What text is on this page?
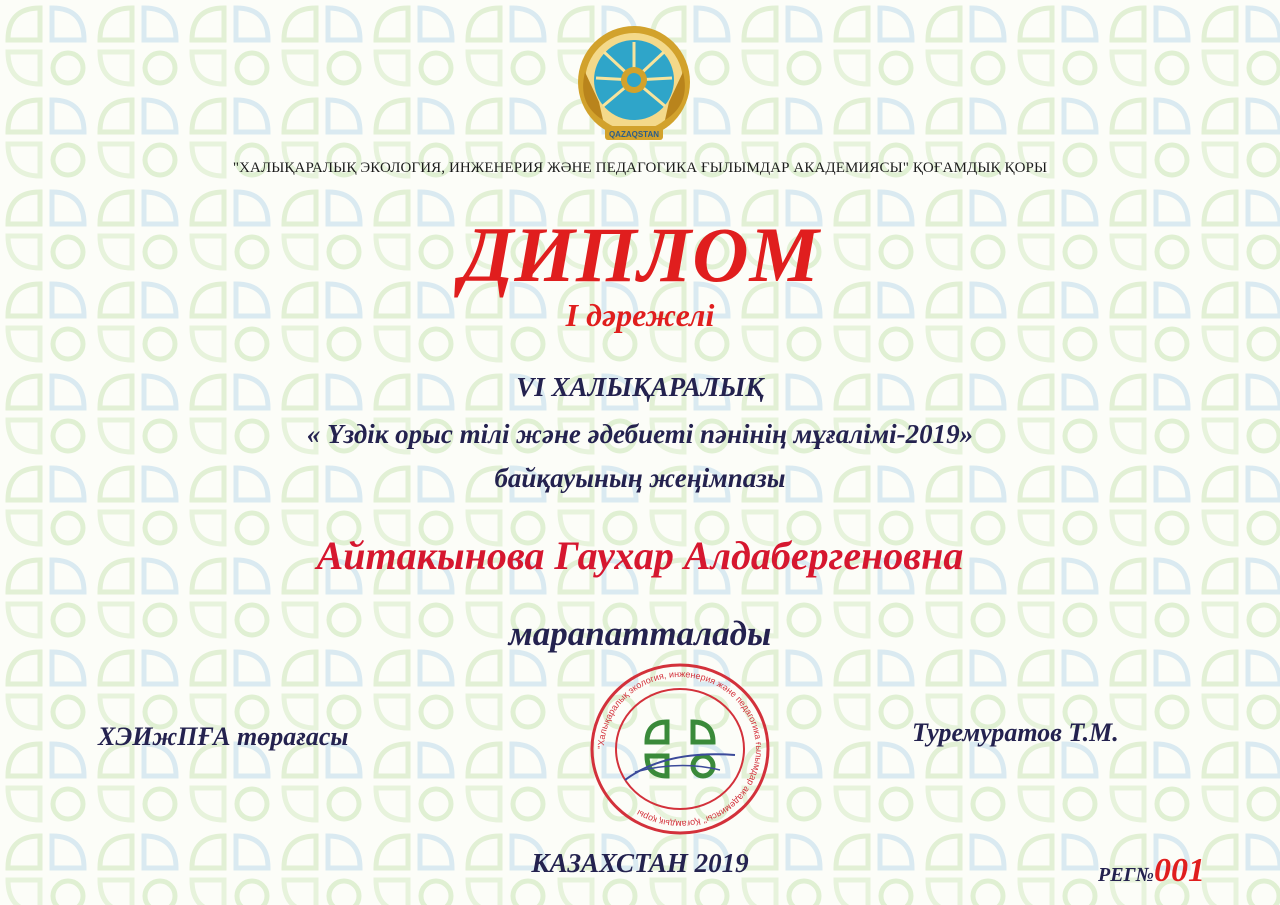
QAZAQSTAN
"ХАЛЫҚАРАЛЫҚ ЭКОЛОГИЯ, ИНЖЕНЕРИЯ ЖӘНЕ ПЕДАГОГИКА ҒЫЛЫМДАР АКАДЕМИЯСЫ" ҚОҒАМДЫҚ ҚОРЫ
ДИПЛОМ
I дәрежелі
VI ХАЛЫҚАРАЛЫҚ
« Үздік орыс тілі және әдебиеті пәнінің мұғалімі-2019»
байқауының жеңімпазы
Айтакынова Гаухар Алдабергеновна
марапатталады
ХЭИжПҒА төрағасы	Туремуратов Т.М.
"Халықаралық экология, инженерия және педагогика ғылымдар академиясы" Қоғамдық қоры
КАЗАХСТАН 2019	РЕГ№001
